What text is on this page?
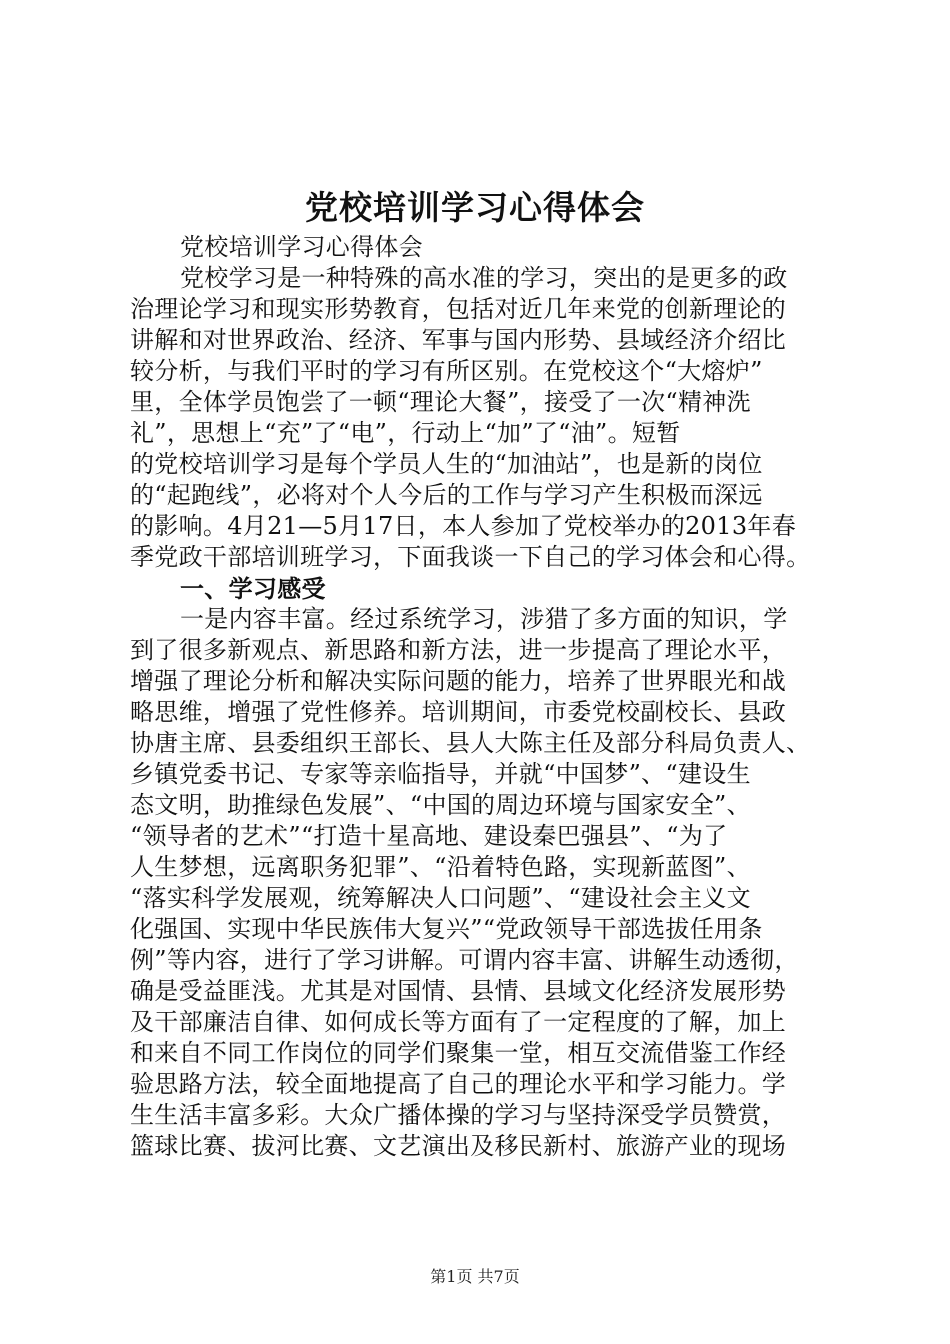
党校培训学习心得体会
党校培训学习心得体会
党校学习是一种特殊的高水准的学习，突出的是更多的政
治理论学习和现实形势教育，包括对近几年来党的创新理论的
讲解和对世界政治、经济、军事与国内形势、县域经济介绍比
较分析，与我们平时的学习有所区别。在党校这个“大熔炉”
里，全体学员饱尝了一顿“理论大餐”，接受了一次“精神洗
礼”，思想上“充”了“电”，行动上“加”了“油”。短暂
的党校培训学习是每个学员人生的“加油站”，也是新的岗位
的“起跑线”，必将对个人今后的工作与学习产生积极而深远
的影响。4月21—5月17日，本人参加了党校举办的2013年春
季党政干部培训班学习，下面我谈一下自己的学习体会和心得。
一、学习感受
一是内容丰富。经过系统学习，涉猎了多方面的知识，学
到了很多新观点、新思路和新方法，进一步提高了理论水平，
增强了理论分析和解决实际问题的能力，培养了世界眼光和战
略思维，增强了党性修养。培训期间，市委党校副校长、县政
协唐主席、县委组织王部长、县人大陈主任及部分科局负责人、
乡镇党委书记、专家等亲临指导，并就“中国梦”、“建设生
态文明，助推绿色发展”、“中国的周边环境与国家安全”、
“领导者的艺术”“打造十星高地、建设秦巴强县”、“为了
人生梦想，远离职务犯罪”、“沿着特色路，实现新蓝图”、
“落实科学发展观，统筹解决人口问题”、“建设社会主义文
化强国、实现中华民族伟大复兴”“党政领导干部选拔任用条
例”等内容，进行了学习讲解。可谓内容丰富、讲解生动透彻，
确是受益匪浅。尤其是对国情、县情、县域文化经济发展形势
及干部廉洁自律、如何成长等方面有了一定程度的了解，加上
和来自不同工作岗位的同学们聚集一堂，相互交流借鉴工作经
验思路方法，较全面地提高了自己的理论水平和学习能力。学
生生活丰富多彩。大众广播体操的学习与坚持深受学员赞赏，
篮球比赛、拔河比赛、文艺演出及移民新村、旅游产业的现场
第1页 共7页
